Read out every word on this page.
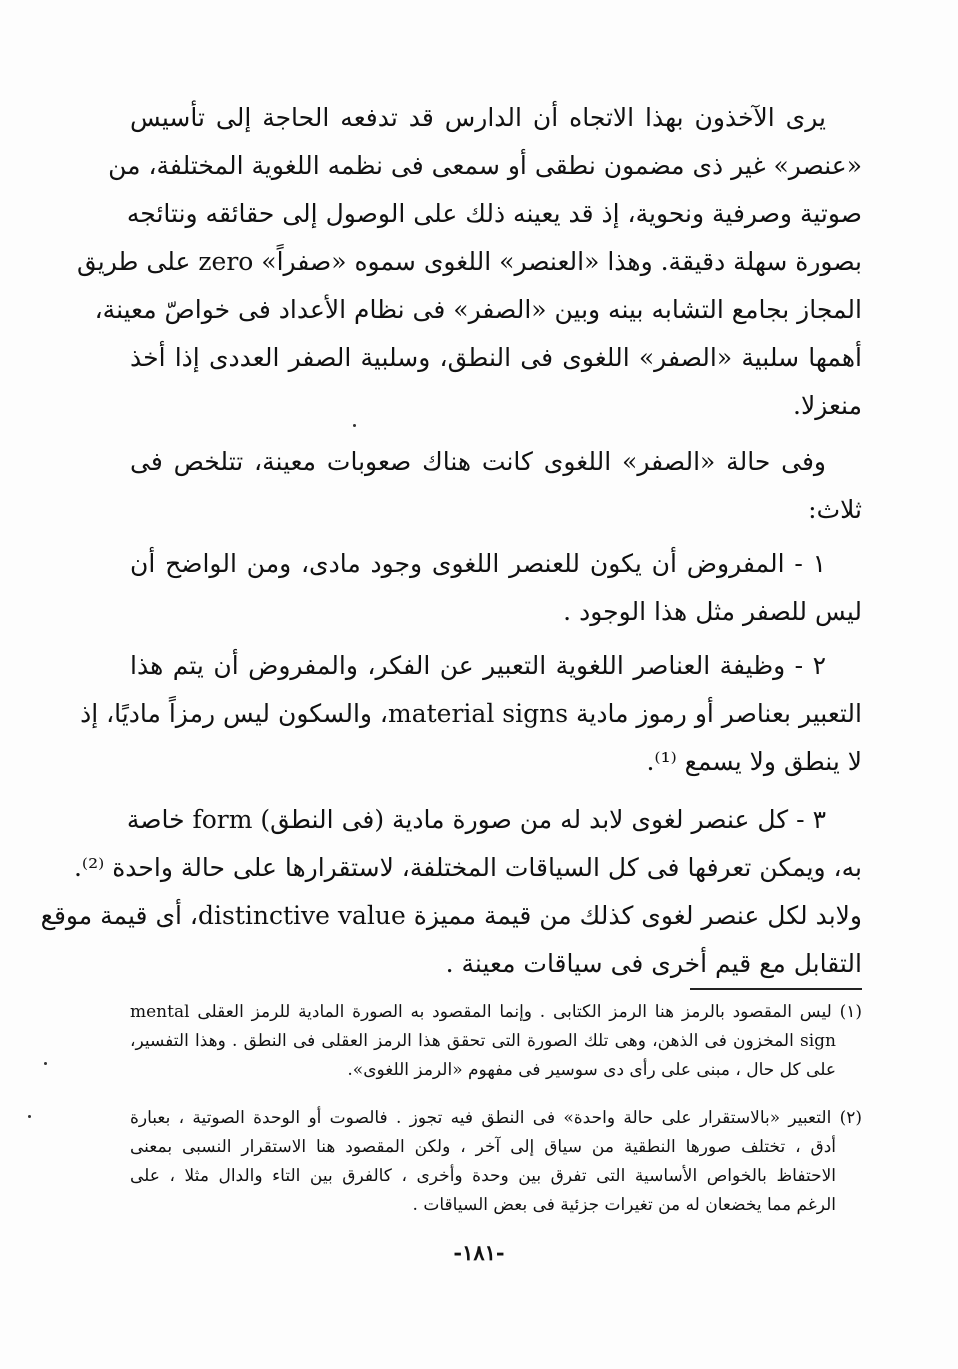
يرى الآخذون بهذا الاتجاه أن الدارس قد تدفعه الحاجة إلى تأسيس
«عنصر» غير ذى مضمون نطقى أو سمعى فى نظمه اللغوية المختلفة، من
صوتية وصرفية ونحوية، إذ قد يعينه ذلك على الوصول إلى حقائقه ونتائجه
بصورة سهلة دقيقة. وهذا «العنصر» اللغوى سموه «صفراً» zero على طريق
المجاز بجامع التشابه بينه وبين «الصفر» فى نظام الأعداد فى خواصّ معينة،
أهمها سلبية «الصفر» اللغوى فى النطق، وسلبية الصفر العددى إذا أخذ
منعزلا.
وفى حالة «الصفر» اللغوى كانت هناك صعوبات معينة، تتلخص فى
ثلاث:
١ - المفروض أن يكون للعنصر اللغوى وجود مادى، ومن الواضح أن
ليس للصفر مثل هذا الوجود .
٢ - وظيفة العناصر اللغوية التعبير عن الفكر، والمفروض أن يتم هذا
التعبير بعناصر أو رموز مادية material signs، والسكون ليس رمزاً ماديًا، إذ
لا ينطق ولا يسمع ⁽¹⁾.
٣ - كل عنصر لغوى لابد له من صورة مادية (فى النطق) form خاصة
به، ويمكن تعرفها فى كل السياقات المختلفة، لاستقرارها على حالة واحدة ⁽²⁾.
ولابد لكل عنصر لغوى كذلك من قيمة مميزة distinctive value، أى قيمة موقع
التقابل مع قيم أخرى فى سياقات معينة .
(١) ليس المقصود بالرمز هنا الرمز الكتابى . وإنما المقصود به الصورة المادية للرمز العقلى mental
sign المخزون فى الذهن، وهى تلك الصورة التى تحقق هذا الرمز العقلى فى النطق . وهذا التفسير،
على كل حال ، مبنى على رأى دى سوسير فى مفهوم «الرمز اللغوى».
(٢) التعبير «بالاستقرار على حالة واحدة» فى النطق فيه تجوز . فالصوت أو الوحدة الصوتية ، بعبارة
أدق ، تختلف صورها النطقية من سياق إلى آخر ، ولكن المقصود هنا الاستقرار النسبى بمعنى
الاحتفاظ بالخواص الأساسية التى تفرق بين وحدة وأخرى ، كالفرق بين التاء والدال مثلا ، على
الرغم مما يخضعان له من تغيرات جزئية فى بعض السياقات .
-١٨١-
